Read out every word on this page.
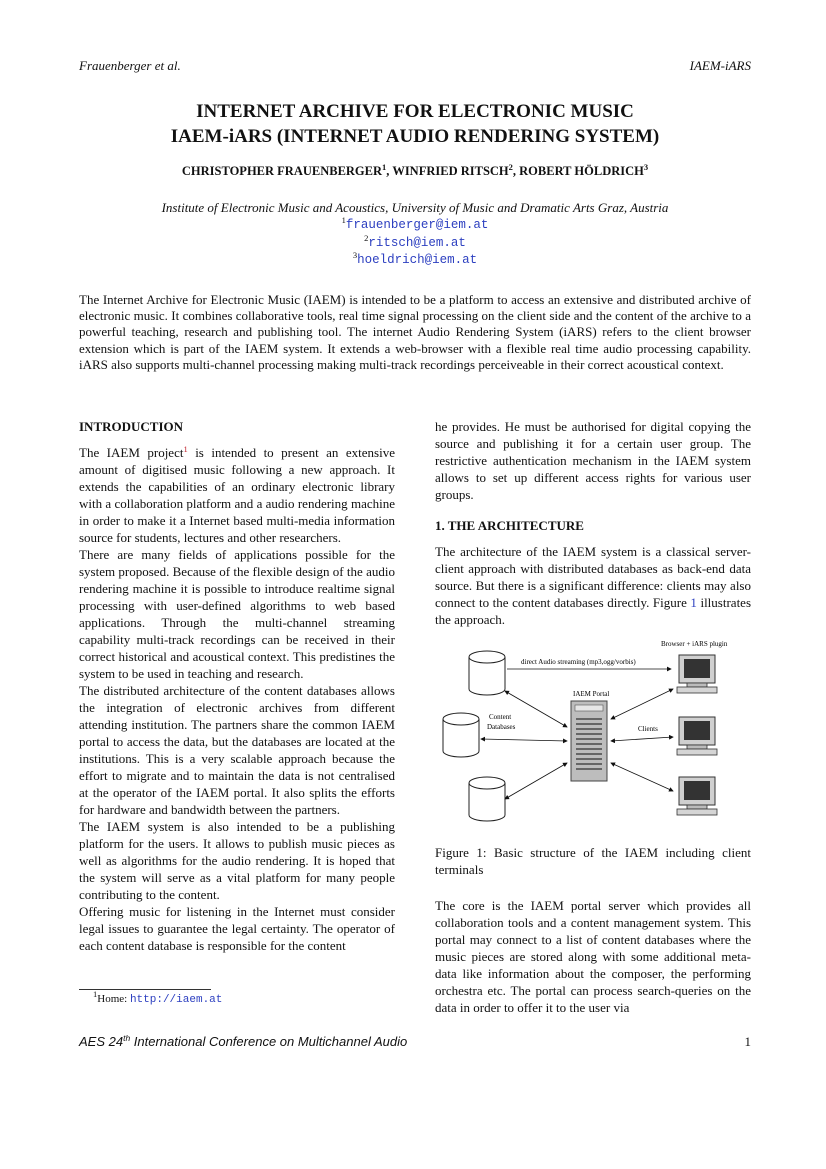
Frauenberger et al.	IAEM-iARS
INTERNET ARCHIVE FOR ELECTRONIC MUSIC
IAEM-iARS (INTERNET AUDIO RENDERING SYSTEM)
CHRISTOPHER FRAUENBERGER$^1$, WINFRIED RITSCH$^2$, ROBERT HÖLDRICH$^3$
Institute of Electronic Music and Acoustics, University of Music and Dramatic Arts Graz, Austria
$^1$frauenberger@iem.at
$^2$ritsch@iem.at
$^3$hoeldrich@iem.at
The Internet Archive for Electronic Music (IAEM) is intended to be a platform to access an extensive and distributed archive of electronic music. It combines collaborative tools, real time signal processing on the client side and the content of the archive to a powerful teaching, research and publishing tool. The internet Audio Rendering System (iARS) refers to the client browser extension which is part of the IAEM system. It extends a web-browser with a flexible real time audio processing capability. iARS also supports multi-channel processing making multi-track recordings perceiveable in their correct acoustical context.
INTRODUCTION

The IAEM project$^1$ is intended to present an extensive amount of digitised music following a new approach. It extends the capabilities of an ordinary electronic library with a collaboration platform and a audio rendering machine in order to make it a Internet based multi-media information source for students, lectures and other researchers.

There are many fields of applications possible for the system proposed. Because of the flexible design of the audio rendering machine it is possible to introduce realtime signal processing with user-defined algorithms to web based applications. Through the multi-channel streaming capability multi-track recordings can be received in their correct historical and acoustical context. This predistines the system to be used in teaching and research.

The distributed architecture of the content databases allows the integration of electronic archives from different attending institution. The partners share the common IAEM portal to access the data, but the databases are located at the institutions. This is a very scalable approach because the effort to migrate and to maintain the data is not centralised at the operator of the IAEM portal. It also splits the efforts for hardware and bandwidth between the partners.

The IAEM system is also intended to be a publishing platform for the users. It allows to publish music pieces as well as algorithms for the audio rendering. It is hoped that the system will serve as a vital platform for many people contributing to the content.

Offering music for listening in the Internet must consider legal issues to guarantee the legal certainty. The operator of each content database is responsible for the content

he provides. He must be authorised for digital copying the source and publishing it for a certain user group. The restrictive authentication mechanism in the IAEM system allows to set up different access rights for various user groups.

1. THE ARCHITECTURE

The architecture of the IAEM system is a classical server-client approach with distributed databases as back-end data source. But there is a significant difference: clients may also connect to the content databases directly. Figure 1 illustrates the approach.

Browser + iARS plugin
direct Audio streaming (mp3,ogg/vorbis)
IAEM Portal
Content
Databases	Clients

Figure 1: Basic structure of the IAEM including client terminals

The core is the IAEM portal server which provides all collaboration tools and a content management system. This portal may connect to a list of content databases where the music pieces are stored along with some additional meta-data like information about the composer, the performing orchestra etc. The portal can process search-queries on the data in order to offer it to the user via

$^1$Home: http://iaem.at
AES 24th International Conference on Multichannel Audio	1
